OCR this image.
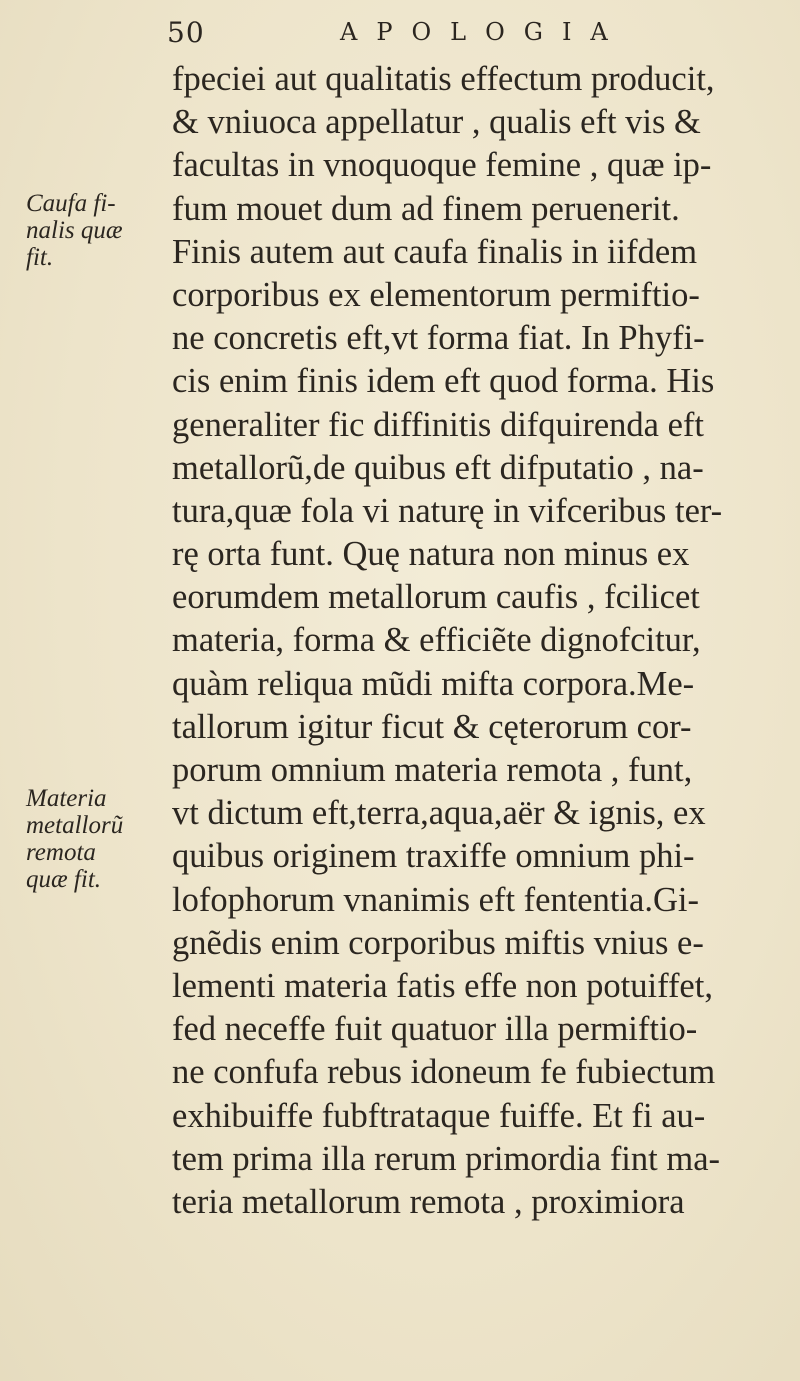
50	APOLOGIA
Caufa fi-
nalis quæ
fit.
Materia
metallorũ
remota
quæ fit.
fpeciei aut qualitatis effectum producit,
& vniuoca appellatur , qualis eft vis &
facultas in vnoquoque femine , quæ ip-
fum mouet dum ad finem peruenerit.
Finis autem aut caufa finalis in iifdem
corporibus ex elementorum permiftio-
ne concretis eft,vt forma fiat. In Phyfi-
cis enim finis idem eft quod forma. His
generaliter fic diffinitis difquirenda eft
metallorũ,de quibus eft difputatio , na-
tura,quæ fola vi naturę in vifceribus ter-
rę orta funt. Quę natura non minus ex
eorumdem metallorum caufis , fcilicet
materia, forma & efficiẽte dignofcitur,
quàm reliqua mũdi mifta corpora.Me-
tallorum igitur ficut & cęterorum cor-
porum omnium materia remota , funt,
vt dictum eft,terra,aqua,aër & ignis, ex
quibus originem traxiffe omnium phi-
lofophorum vnanimis eft fententia.Gi-
gnẽdis enim corporibus miftis vnius e-
lementi materia fatis effe non potuiffet,
fed neceffe fuit quatuor illa permiftio-
ne confufa rebus idoneum fe fubiectum
exhibuiffe fubftrataque fuiffe. Et fi au-
tem prima illa rerum primordia fint ma-
teria metallorum remota , proximiora
